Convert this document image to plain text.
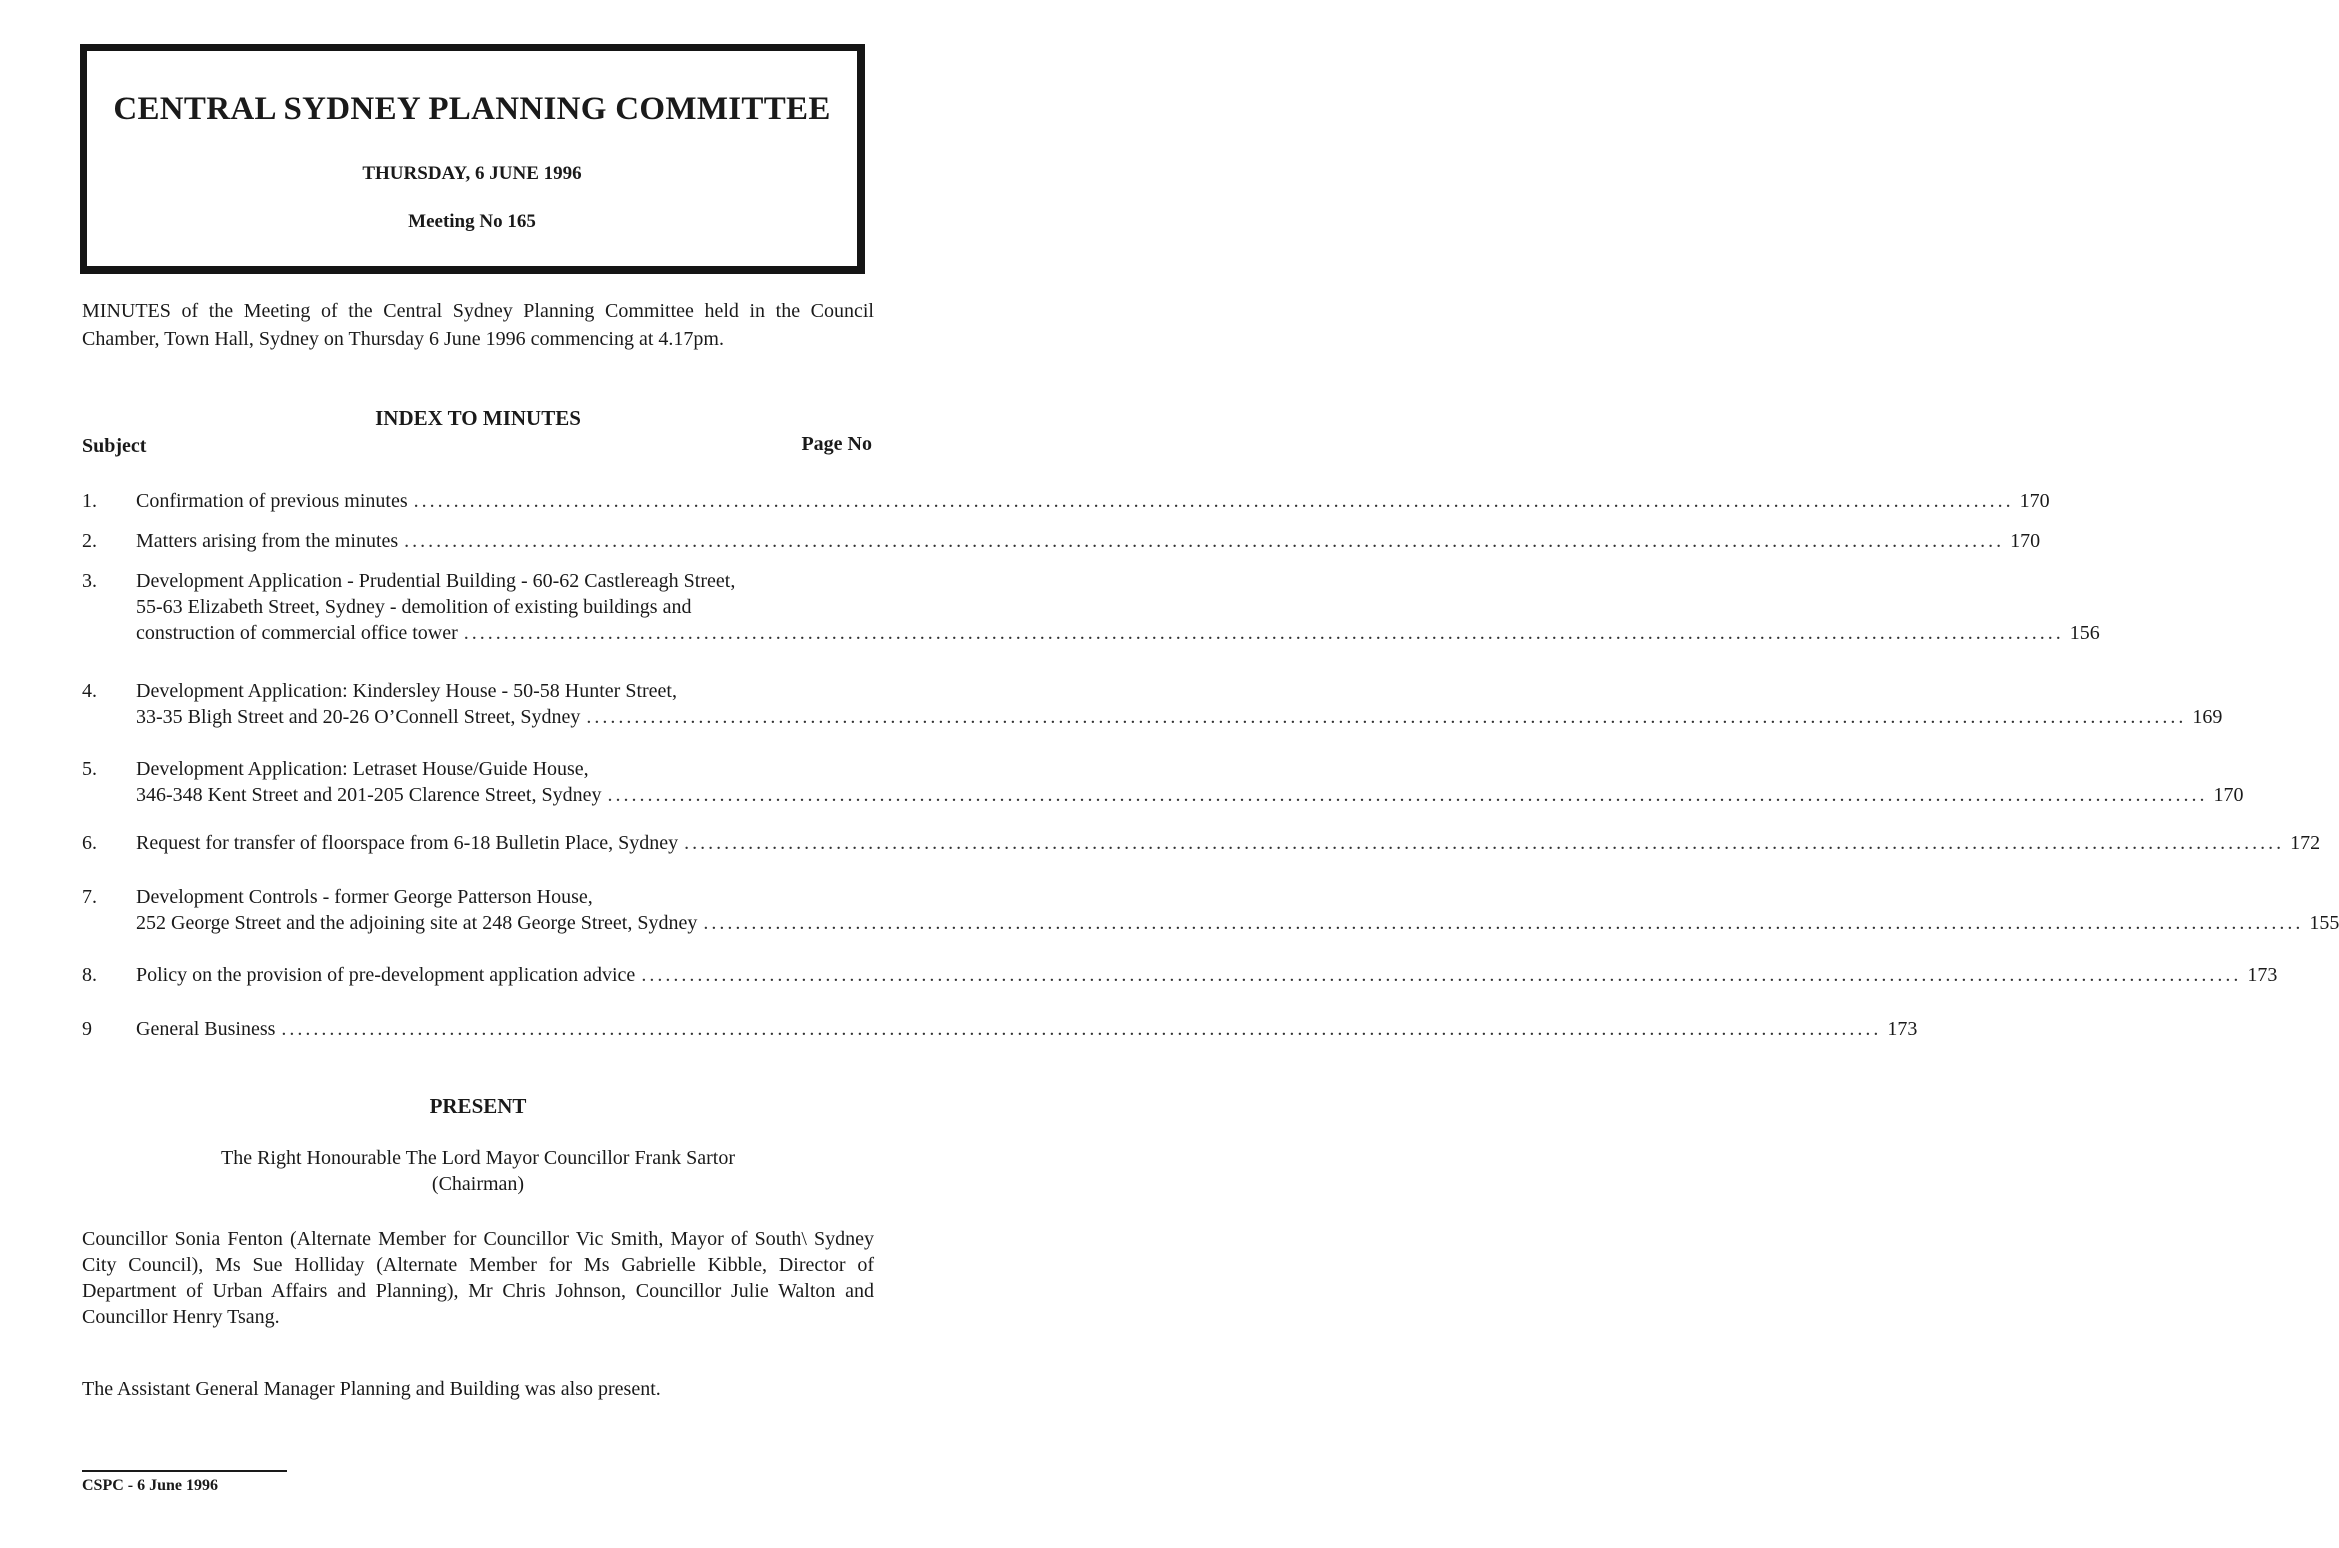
CENTRAL SYDNEY PLANNING COMMITTEE
THURSDAY, 6 JUNE 1996
Meeting No 165
MINUTES of the Meeting of the Central Sydney Planning Committee held in the Council Chamber, Town Hall, Sydney on Thursday 6 June 1996 commencing at 4.17pm.
INDEX TO MINUTES
Subject	Page No
1.	Confirmation of previous minutes ........................................................................................................................................................................................................ 170
2.	Matters arising from the minutes ........................................................................................................................................................................................................ 170
3.	Development Application - Prudential Building - 60-62 Castlereagh Street,
55-63 Elizabeth Street, Sydney - demolition of existing buildings and
construction of commercial office tower ........................................................................................................................................................................................................ 156
4.	Development Application: Kindersley House - 50-58 Hunter Street,
33-35 Bligh Street and 20-26 O’Connell Street, Sydney ........................................................................................................................................................................................................ 169
5.	Development Application: Letraset House/Guide House,
346-348 Kent Street and 201-205 Clarence Street, Sydney ........................................................................................................................................................................................................ 170
6.	Request for transfer of floorspace from 6-18 Bulletin Place, Sydney ........................................................................................................................................................................................................ 172
7.	Development Controls - former George Patterson House,
252 George Street and the adjoining site at 248 George Street, Sydney ........................................................................................................................................................................................................ 155
8.	Policy on the provision of pre-development application advice ........................................................................................................................................................................................................ 173
9	General Business ........................................................................................................................................................................................................ 173
PRESENT
The Right Honourable The Lord Mayor Councillor Frank Sartor
(Chairman)
Councillor Sonia Fenton (Alternate Member for Councillor Vic Smith, Mayor of South\ Sydney City Council), Ms Sue Holliday (Alternate Member for Ms Gabrielle Kibble, Director of Department of Urban Affairs and Planning), Mr Chris Johnson, Councillor Julie Walton and Councillor Henry Tsang.
The Assistant General Manager Planning and Building was also present.
CSPC - 6 June 1996
